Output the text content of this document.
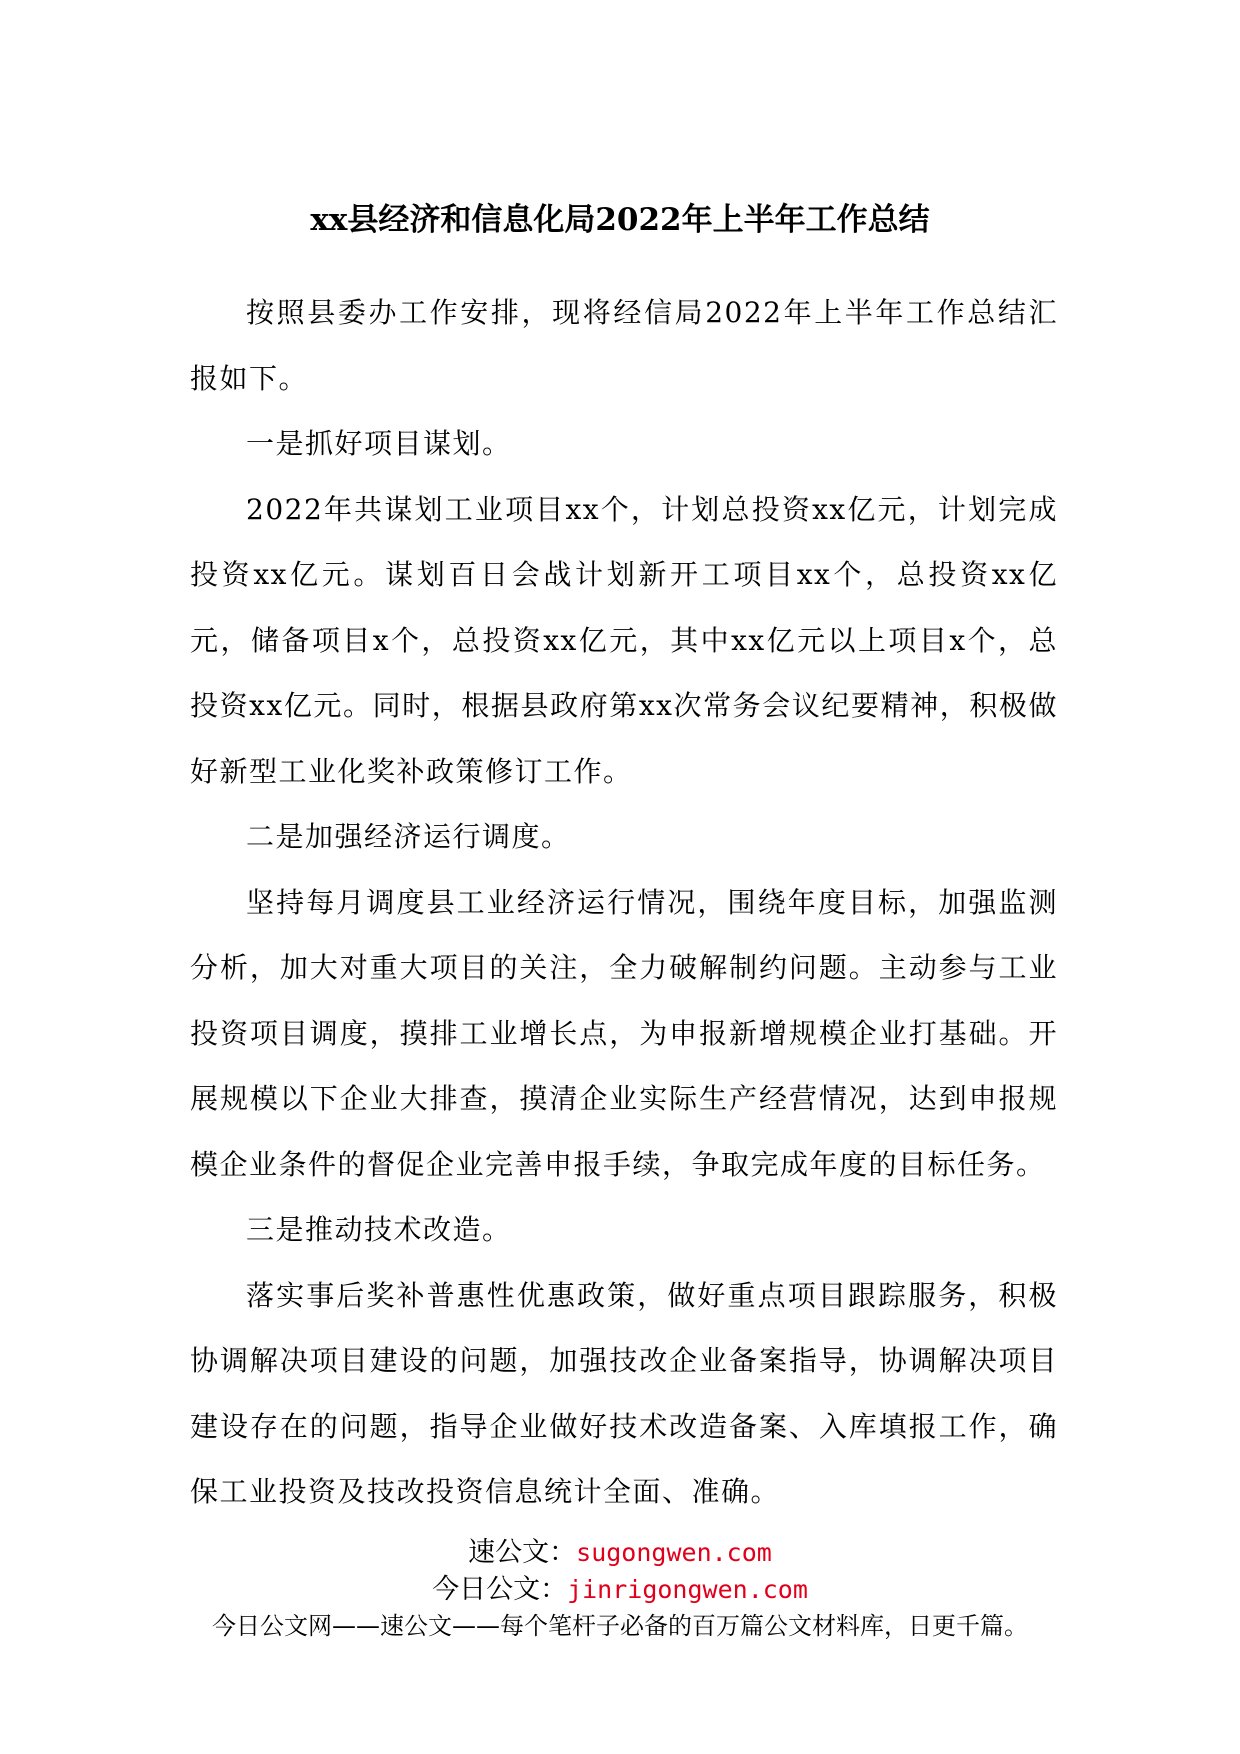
xx县经济和信息化局2022年上半年工作总结

按照县委办工作安排，现将经信局2022年上半年工作总结汇报如下。

一是抓好项目谋划。

2022年共谋划工业项目xx个，计划总投资xx亿元，计划完成投资xx亿元。谋划百日会战计划新开工项目xx个，总投资xx亿元，储备项目x个，总投资xx亿元，其中xx亿元以上项目x个，总投资xx亿元。同时，根据县政府第xx次常务会议纪要精神，积极做好新型工业化奖补政策修订工作。

二是加强经济运行调度。

坚持每月调度县工业经济运行情况，围绕年度目标，加强监测分析，加大对重大项目的关注，全力破解制约问题。主动参与工业投资项目调度，摸排工业增长点，为申报新增规模企业打基础。开展规模以下企业大排查，摸清企业实际生产经营情况，达到申报规模企业条件的督促企业完善申报手续，争取完成年度的目标任务。

三是推动技术改造。

落实事后奖补普惠性优惠政策，做好重点项目跟踪服务，积极协调解决项目建设的问题，加强技改企业备案指导，协调解决项目建设存在的问题，指导企业做好技术改造备案、入库填报工作，确保工业投资及技改投资信息统计全面、准确。

速公文：sugongwen.com
今日公文：jinrigongwen.com
今日公文网——速公文——每个笔杆子必备的百万篇公文材料库，日更千篇。
